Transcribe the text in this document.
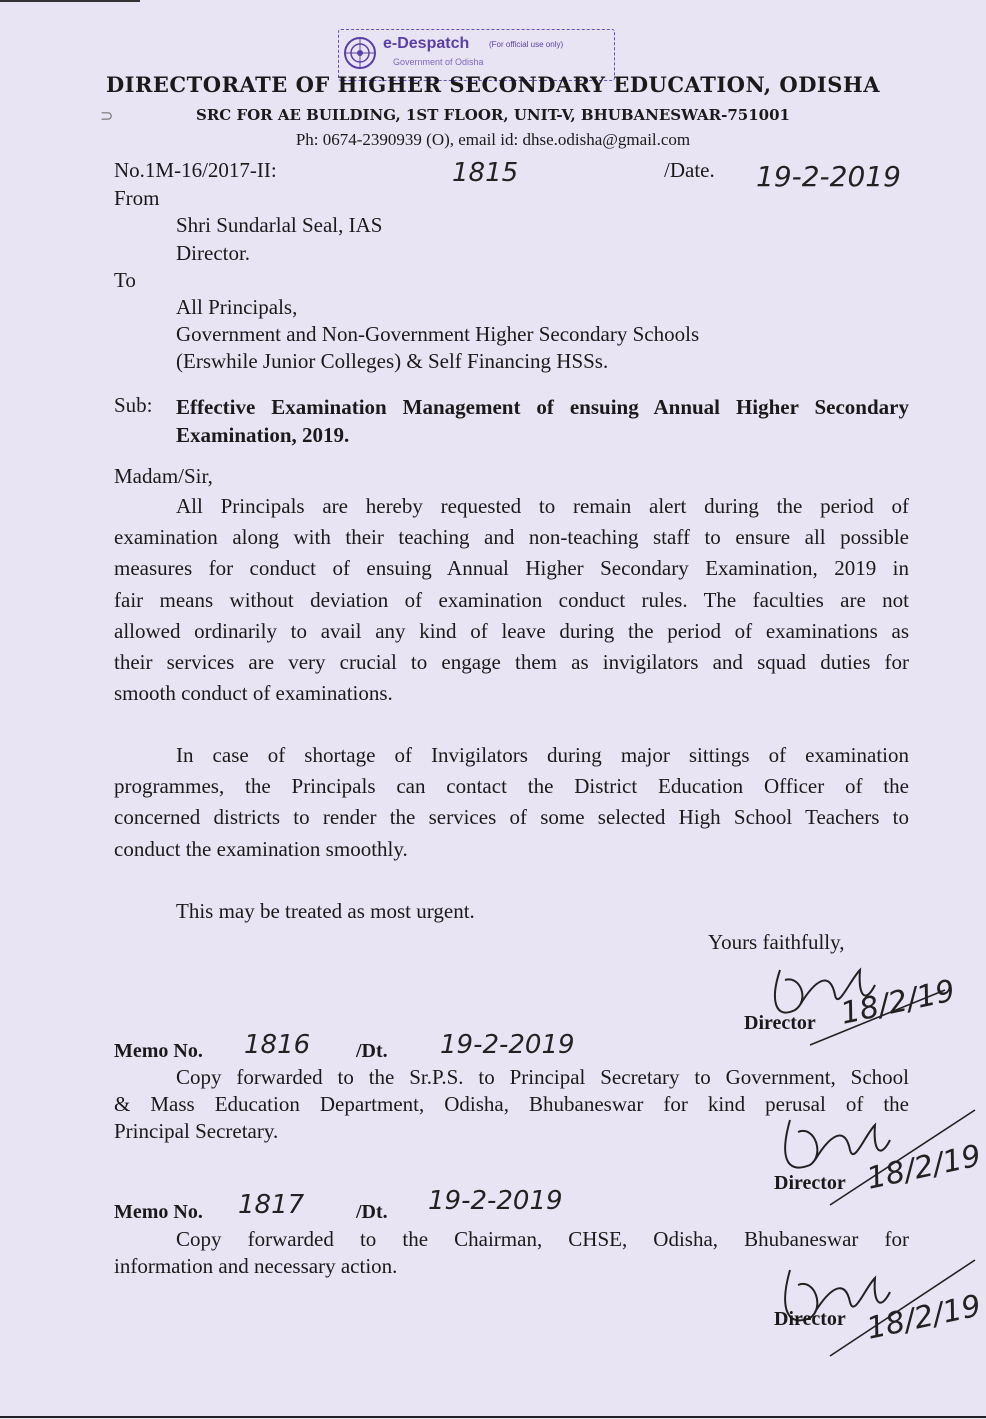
e-Despatch (For official use only)
Government of Odisha
DIRECTORATE OF HIGHER SECONDARY EDUCATION, ODISHA
⊃	SRC FOR AE BUILDING, 1ST FLOOR, UNIT-V, BHUBANESWAR-751001
Ph: 0674-2390939 (O), email id: dhse.odisha@gmail.com
No.1M-16/2017-II:	1815	/Date. 19-2-2019
From
Shri Sundarlal Seal, IAS
Director.
To
All Principals,
Government and Non-Government Higher Secondary Schools
(Erswhile Junior Colleges) & Self Financing HSSs.
Sub: Effective Examination Management of ensuing Annual Higher Secondary Examination, 2019.
Madam/Sir,
All Principals are hereby requested to remain alert during the period of
examination along with their teaching and non-teaching staff to ensure all possible
measures for conduct of ensuing Annual Higher Secondary Examination, 2019 in
fair means without deviation of examination conduct rules. The faculties are not
allowed ordinarily to avail any kind of leave during the period of examinations as
their services are very crucial to engage them as invigilators and squad duties for
smooth conduct of examinations.
In case of shortage of Invigilators during major sittings of examination
programmes, the Principals can contact the District Education Officer of the
concerned districts to render the services of some selected High School Teachers to
conduct the examination smoothly.
This may be treated as most urgent.
Yours faithfully,
18/2/19
Director
Memo No. 1816 /Dt. 19-2-2019
Copy forwarded to the Sr.P.S. to Principal Secretary to Government, School
& Mass Education Department, Odisha, Bhubaneswar for kind perusal of the
Principal Secretary.
18/2/19
Director
Memo No. 1817	/Dt. 19-2-2019
Copy forwarded to the Chairman, CHSE, Odisha, Bhubaneswar for
information and necessary action.
18/2/19
Director
